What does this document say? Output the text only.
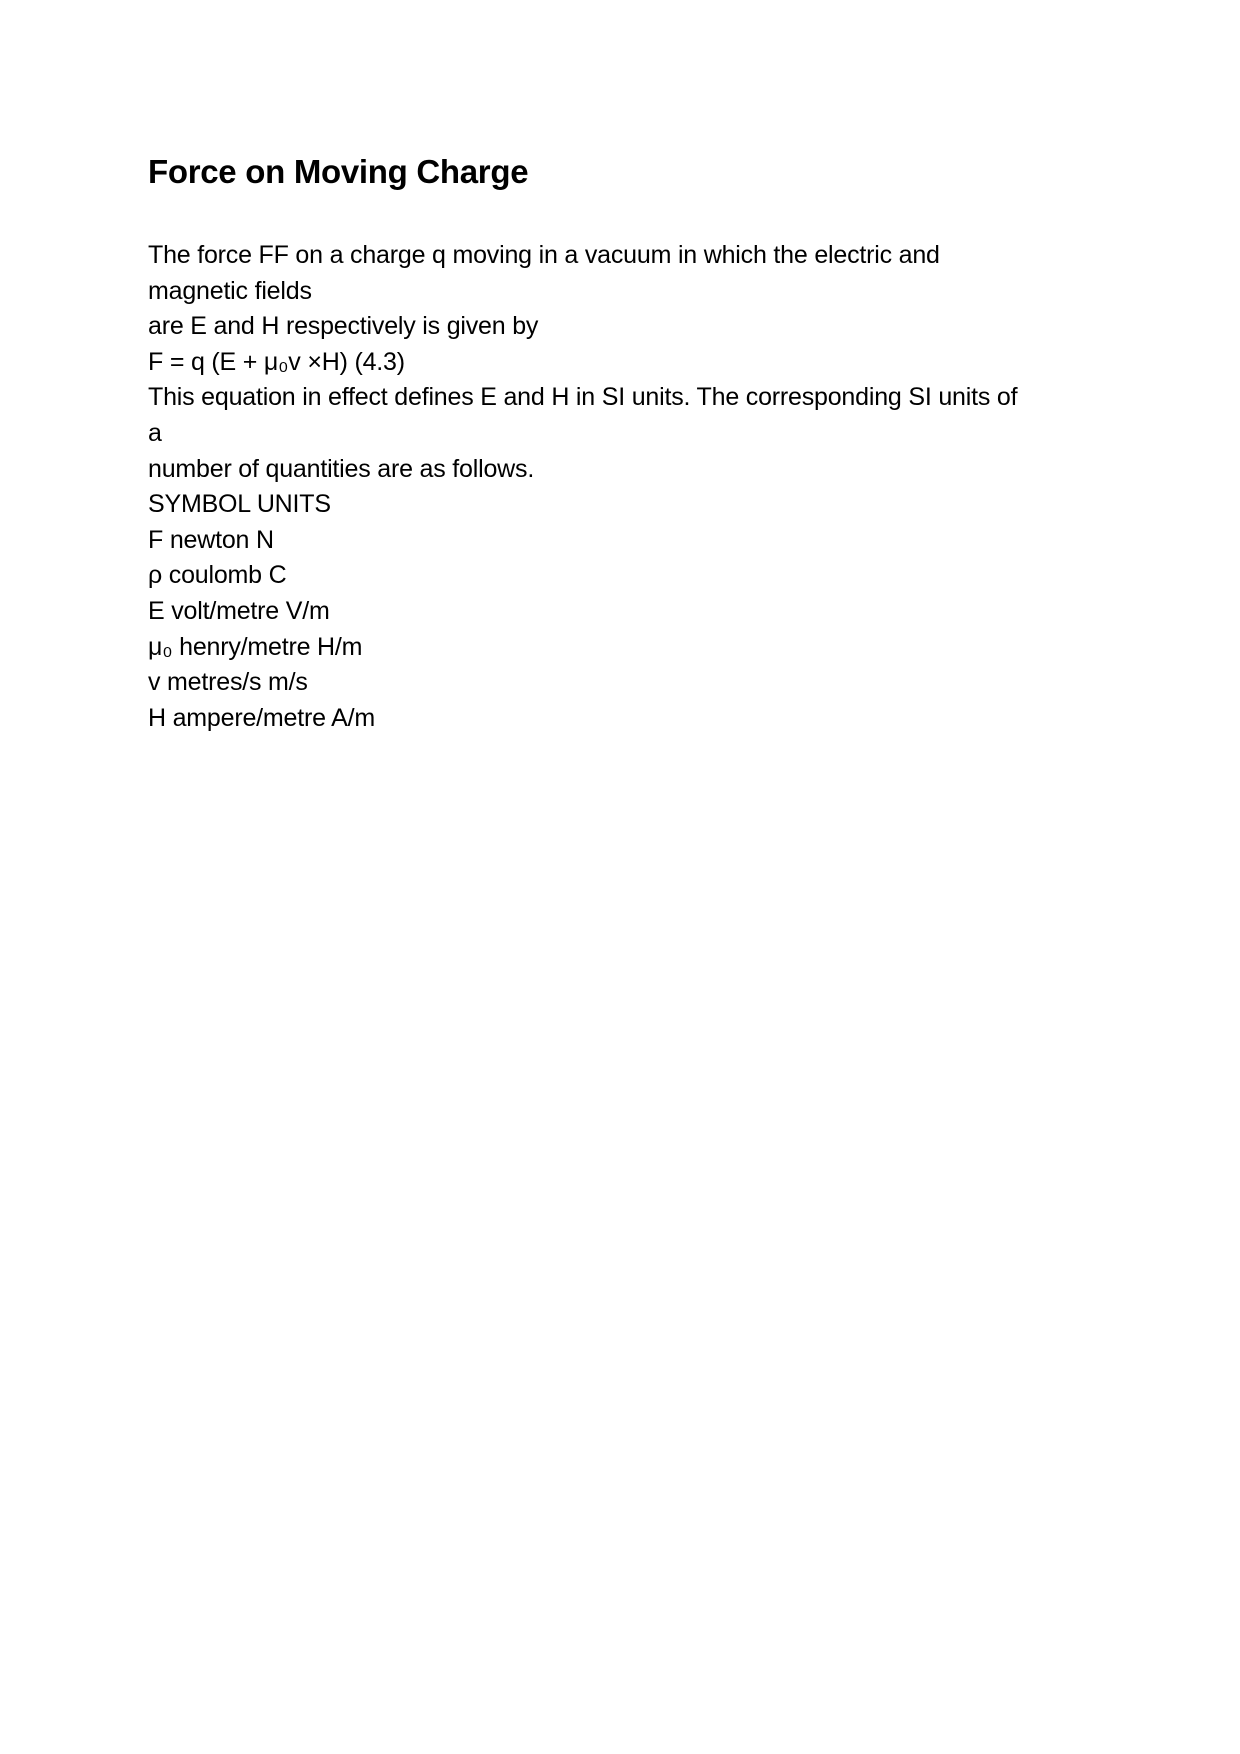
Force on Moving Charge
The force FF on a charge q moving in a vacuum in which the electric and
magnetic fields
are E and H respectively is given by
F = q (E + μ₀v ×H) (4.3)
This equation in effect defines E and H in SI units. The corresponding SI units of
a
number of quantities are as follows.
SYMBOL UNITS
F newton N
ρ coulomb C
E volt/metre V/m
μ₀ henry/metre H/m
v metres/s m/s
H ampere/metre A/m
